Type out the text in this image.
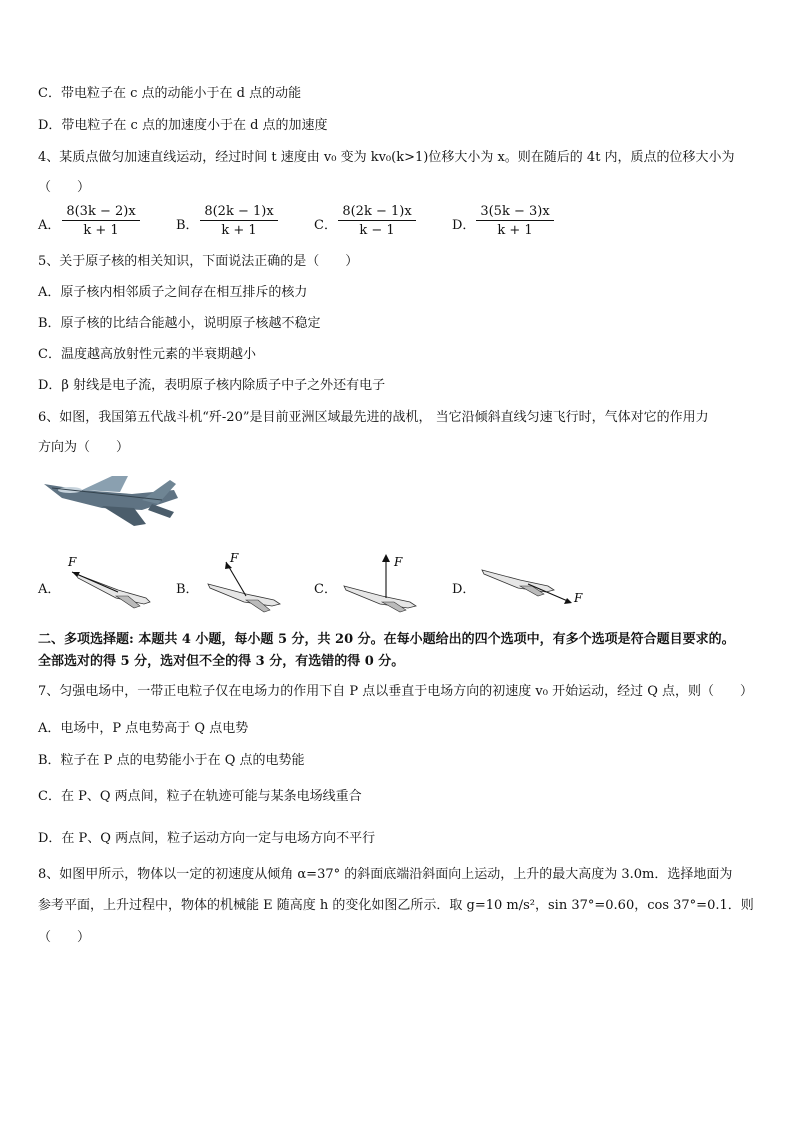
C．带电粒子在 c 点的动能小于在 d 点的动能
D．带电粒子在 c 点的加速度小于在 d 点的加速度
4、某质点做匀加速直线运动，经过时间 t 速度由 v₀ 变为 kv₀(k>1)位移大小为 x。则在随后的 4t 内，质点的位移大小为
（　　）
A． $\frac{8(3k - 2)x}{k + 1}$	B． $\frac{8(2k - 1)x}{k + 1}$	C． $\frac{8(2k - 1)x}{k - 1}$	D． $\frac{3(5k - 3)x}{k + 1}$
5、关于原子核的相关知识，下面说法正确的是（　　）
A．原子核内相邻质子之间存在相互排斥的核力
B．原子核的比结合能越小，说明原子核越不稳定
C．温度越高放射性元素的半衰期越小
D．β 射线是电子流，表明原子核内除质子中子之外还有电子
6、如图，我国第五代战斗机“歼-20”是目前亚洲区域最先进的战机， 当它沿倾斜直线匀速飞行时，气体对它的作用力
方向为（　　）
A．
F
B．
F
C．
F
D．
F
二、多项选择题: 本题共 4 小题，每小题 5 分，共 20 分。在每小题给出的四个选项中，有多个选项是符合题目要求的。
全部选对的得 5 分，选对但不全的得 3 分，有选错的得 0 分。
7、匀强电场中，一带正电粒子仅在电场力的作用下自 P 点以垂直于电场方向的初速度 v₀ 开始运动，经过 Q 点，则（　　）
A．电场中，P 点电势高于 Q 点电势
B．粒子在 P 点的电势能小于在 Q 点的电势能
C．在 P、Q 两点间，粒子在轨迹可能与某条电场线重合
D．在 P、Q 两点间，粒子运动方向一定与电场方向不平行
8、如图甲所示，物体以一定的初速度从倾角 α=37° 的斜面底端沿斜面向上运动，上升的最大高度为 3.0m．选择地面为
参考平面，上升过程中，物体的机械能 E 随高度 h 的变化如图乙所示．取 g=10 m/s²，sin 37°=0.60，cos 37°=0.1．则
（　　）
